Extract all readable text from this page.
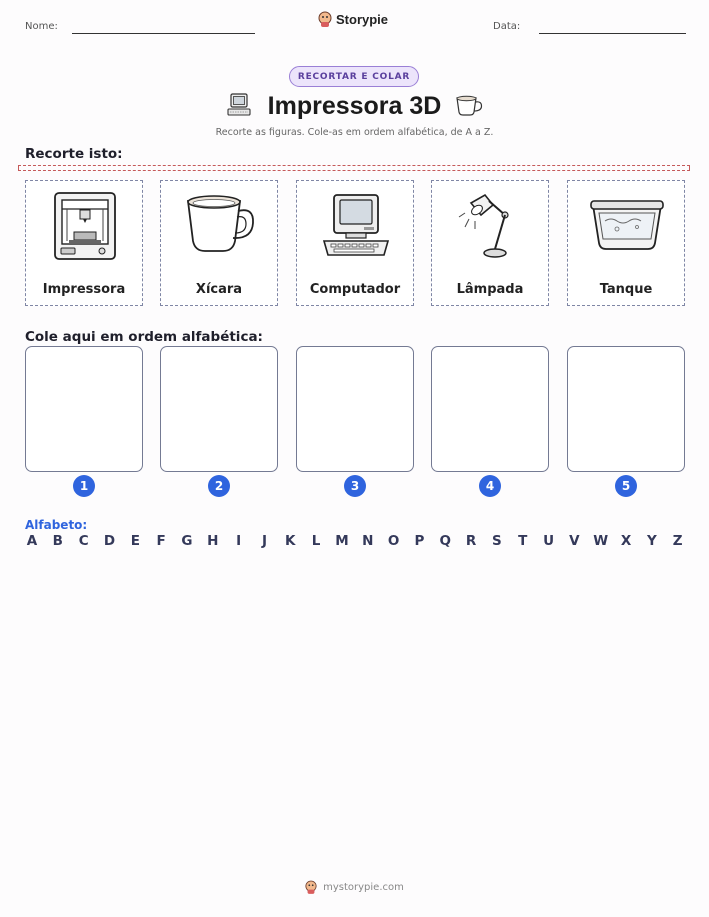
Nome:	Storypie	Data:
RECORTAR E COLAR
Impressora 3D
Recorte as figuras. Cole-as em ordem alfabética, de A a Z.
Recorte isto:
Impressora	Xícara	Computador	Lâmpada	Tanque
Cole aqui em ordem alfabética:
1	2	3	4	5
Alfabeto:
A B C D E F G H	I	J	K L M N O P Q R S T U V W X Y Z
mystorypie.com
